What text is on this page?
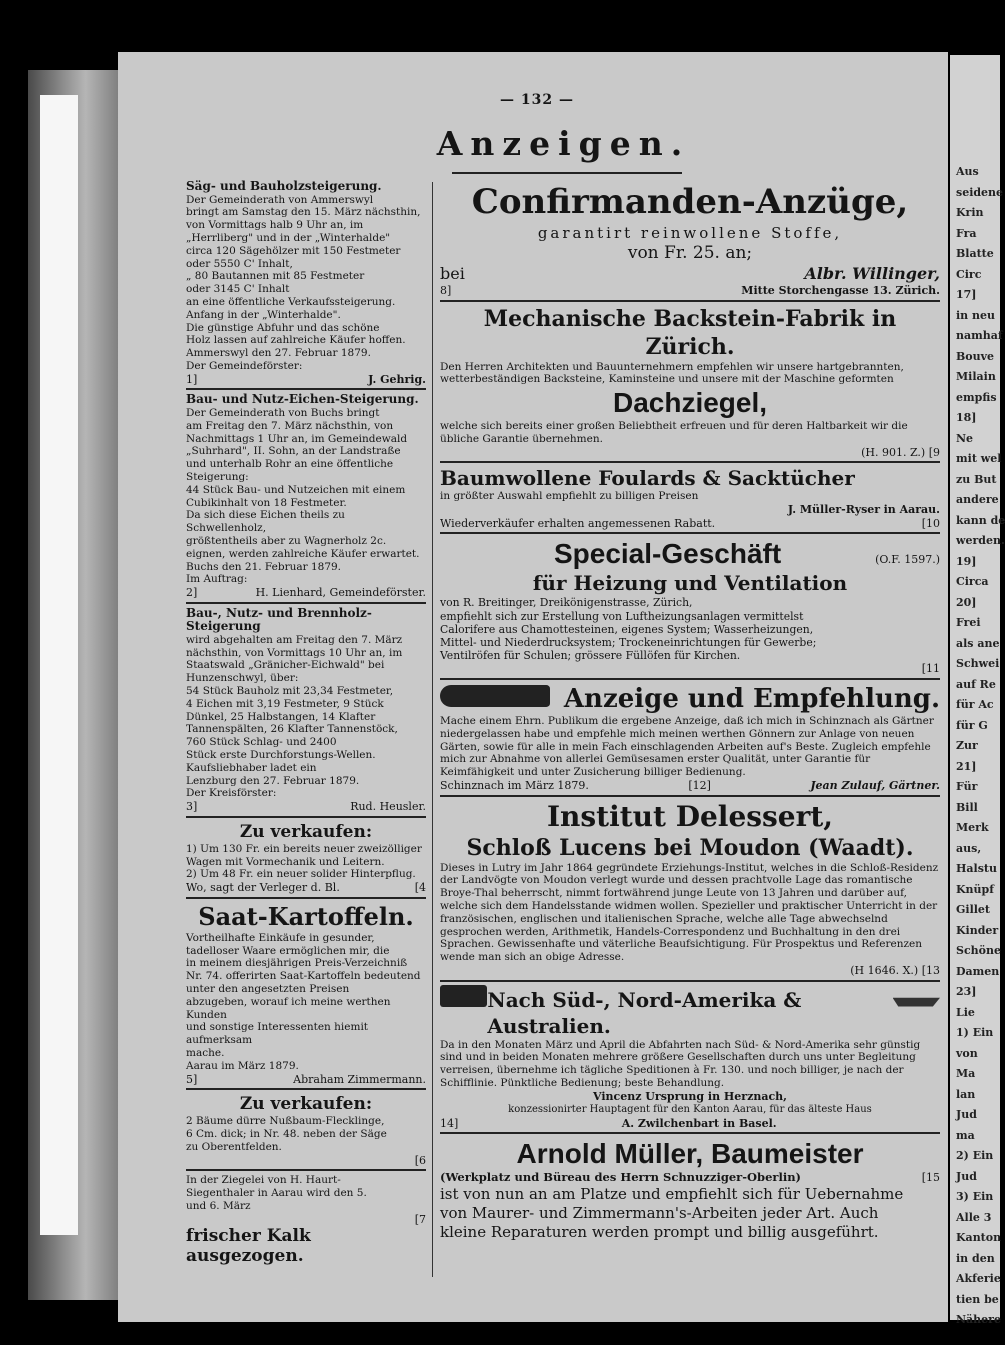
Aus
seidene
Krin
Fra
Blatte
Circ
17]
in neu
namhaf
Bouve
Milain
empfis
18]
Ne
mit wel
zu But
andere
kann de
werden.
19]
Circa
20]
Frei
als ane
Schwei
auf Re
für Ac
für G
Zur
21]
Für
Bill
Merk
aus,
Halstu
Knüpf
Gillet
Kinder
Schöne
Damen
23]
Lie
1) Ein
von
Ma
lan
Jud
ma
2) Ein
Jud
3) Ein
Alle 3
Kanton
in den
Akferie
tien be
Nähere
— 132 —
Anzeigen.
Säg- und Bauholzsteigerung.
Der Gemeinderath von Ammerswyl
bringt am Samstag den 15. März nächsthin,
von Vormittags halb 9 Uhr an, im
„Herrliberg" und in der „Winterhalde"
circa 120 Sägehölzer mit 150 Festmeter
oder 5550 C' Inhalt,
„ 80 Bautannen mit 85 Festmeter
oder 3145 C' Inhalt
an eine öffentliche Verkaufssteigerung.
Anfang in der „Winterhalde".
Die günstige Abfuhr und das schöne
Holz lassen auf zahlreiche Käufer hoffen.
Ammerswyl den 27. Februar 1879.
Der Gemeindeförster:
1]	J. Gehrig.
Bau- und Nutz-Eichen-Steigerung.
Der Gemeinderath von Buchs bringt
am Freitag den 7. März nächsthin, von
Nachmittags 1 Uhr an, im Gemeindewald
„Suhrhard", II. Sohn, an der Landstraße
und unterhalb Rohr an eine öffentliche
Steigerung:
44 Stück Bau- und Nutzeichen mit einem
Cubikinhalt von 18 Festmeter.
Da sich diese Eichen theils zu Schwellenholz,
größtentheils aber zu Wagnerholz 2c.
eignen, werden zahlreiche Käufer erwartet.
Buchs den 21. Februar 1879.
Im Auftrag:
2]	H. Lienhard, Gemeindeförster.
Bau-, Nutz- und Brennholz-Steigerung
wird abgehalten am Freitag den 7. März
nächsthin, von Vormittags 10 Uhr an, im
Staatswald „Gränicher-Eichwald" bei
Hunzenschwyl, über:
54 Stück Bauholz mit 23,34 Festmeter,
4 Eichen mit 3,19 Festmeter, 9 Stück
Dünkel, 25 Halbstangen, 14 Klafter
Tannenspälten, 26 Klafter Tannenstöck,
760 Stück Schlag- und 2400
Stück erste Durchforstungs-Wellen.
Kaufsliebhaber ladet ein
Lenzburg den 27. Februar 1879.
Der Kreisförster:
3]	Rud. Heusler.
Zu verkaufen:
1) Um 130 Fr. ein bereits neuer zweizölliger Wagen mit Vormechanik und Leitern.
2) Um 48 Fr. ein neuer solider Hinterpflug.
Wo, sagt der Verleger d. Bl.	[4
Saat-Kartoffeln.
Vortheilhafte Einkäufe in gesunder,
tadelloser Waare ermöglichen mir, die
in meinem diesjährigen Preis-Verzeichniß
Nr. 74. offerirten Saat-Kartoffeln bedeutend
unter den angesetzten Preisen
abzugeben, worauf ich meine werthen Kunden
und sonstige Interessenten hiemit aufmerksam
mache.
Aarau im März 1879.
5]	Abraham Zimmermann.
Zu verkaufen:
2 Bäume dürre Nußbaum-Flecklinge,
6 Cm. dick; in Nr. 48. neben der Säge
zu Oberentfelden.
[6
In der Ziegelei von H. Haurt-
Siegenthaler in Aarau wird den 5.
und 6. März
[7
frischer Kalk ausgezogen.
Confirmanden-Anzüge,
garantirt reinwollene Stoffe,
von Fr. 25. an;
bei	Albr. Willinger,
8]	Mitte Storchengasse 13. Zürich.
Mechanische Backstein-Fabrik in Zürich.

Den Herren Architekten und Bauunternehmern empfehlen wir unsere hartgebrannten, wetterbeständigen Backsteine, Kaminsteine und unsere mit der Maschine geformten

Dachziegel,

welche sich bereits einer großen Beliebtheit erfreuen und für deren Haltbarkeit wir die übliche Garantie übernehmen.

(H. 901. Z.) [9
Baumwollene Foulards & Sacktücher

in größter Auswahl empfiehlt zu billigen Preisen

J. Müller-Ryser in Aarau.
Wiederverkäufer erhalten angemessenen Rabatt.	[10
Special-Geschäft	(O.F. 1597.)
für Heizung und Ventilation
von R. Breitinger, Dreikönigenstrasse, Zürich,
empfiehlt sich zur Erstellung von Luftheizungsanlagen vermittelst
Calorifere aus Chamottesteinen, eigenes System; Wasserheizungen,
Mittel- und Niederdrucksystem; Trockeneinrichtungen für Gewerbe;
Ventilröfen für Schulen; grössere Füllöfen für Kirchen.
[11
Anzeige und Empfehlung.

Mache einem Ehrn. Publikum die ergebene Anzeige, daß ich mich in Schinznach als Gärtner niedergelassen habe und empfehle mich meinen werthen Gönnern zur Anlage von neuen Gärten, sowie für alle in mein Fach einschlagenden Arbeiten auf's Beste. Zugleich empfehle mich zur Abnahme von allerlei Gemüsesamen erster Qualität, unter Garantie für Keimfähigkeit und unter Zusicherung billiger Bedienung.

Schinznach im März 1879.	[12]	Jean Zulauf, Gärtner.
Institut Delessert,
Schloß Lucens bei Moudon (Waadt).

Dieses in Lutry im Jahr 1864 gegründete Erziehungs-Institut, welches in die Schloß-Residenz der Landvögte von Moudon verlegt wurde und dessen prachtvolle Lage das romantische Broye-Thal beherrscht, nimmt fortwährend junge Leute von 13 Jahren und darüber auf, welche sich dem Handelsstande widmen wollen. Spezieller und praktischer Unterricht in der französischen, englischen und italienischen Sprache, welche alle Tage abwechselnd gesprochen werden, Arithmetik, Handels-Correspondenz und Buchhaltung in den drei Sprachen. Gewissenhafte und väterliche Beaufsichtigung. Für Prospektus und Referenzen wende man sich an obige Adresse.

(H 1646. X.) [13
Nach Süd-, Nord-Amerika & Australien.

Da in den Monaten März und April die Abfahrten nach Süd- & Nord-Amerika sehr günstig sind und in beiden Monaten mehrere größere Gesellschaften durch uns unter Begleitung verreisen, übernehme ich tägliche Speditionen à Fr. 130. und noch billiger, je nach der Schifflinie. Pünktliche Bedienung; beste Behandlung.

Vincenz Ursprung in Herznach,
konzessionirter Hauptagent für den Kanton Aarau, für das älteste Haus
14]	A. Zwilchenbart in Basel.
Arnold Müller, Baumeister
(Werkplatz und Büreau des Herrn Schnuzziger-Oberlin)	[15
ist von nun an am Platze und empfiehlt sich für Uebernahme
von Maurer- und Zimmermann's-Arbeiten jeder Art. Auch
kleine Reparaturen werden prompt und billig ausgeführt.
